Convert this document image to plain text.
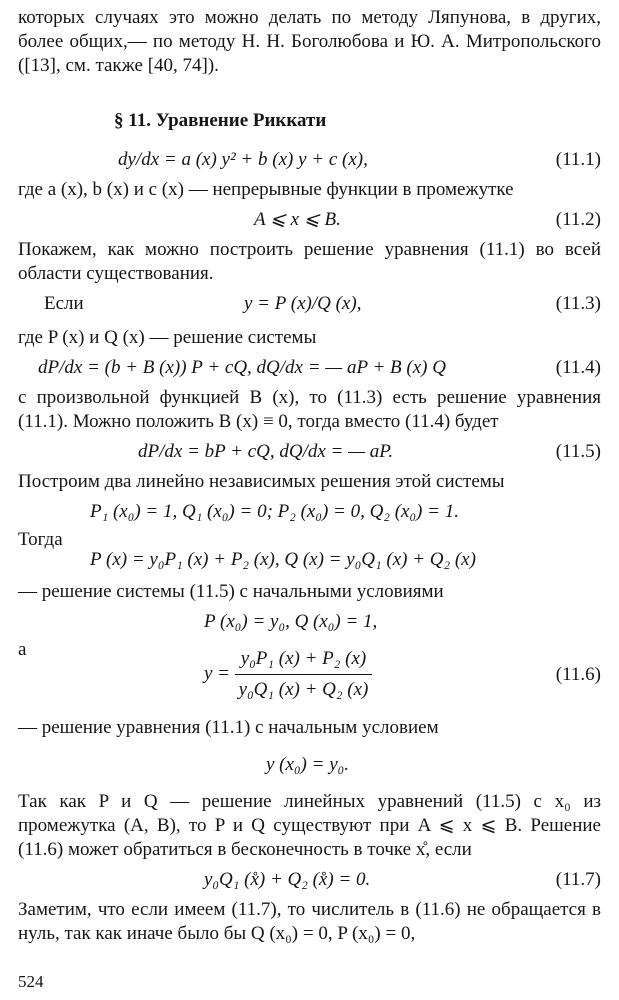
которых случаях это можно делать по методу Ляпунова, в других, более общих,— по методу Н. Н. Боголюбова и Ю. А. Митропольского ([13], см. также [40, 74]).

§ 11. Уравнение Риккати
dy/dx = a (x) y² + b (x) y + c (x),	(11.1)

где a (x), b (x) и c (x) — непрерывные функции в промежутке

A ⩽ x ⩽ B.	(11.2)

Покажем, как можно построить решение уравнения (11.1) во всей области существования.

Если	y = P (x)/Q (x),	(11.3)

где P (x) и Q (x) — решение системы

dP/dx = (b + B (x)) P + cQ, dQ/dx = — aP + B (x) Q	(11.4)

с произвольной функцией B (x), то (11.3) есть решение уравнения (11.1). Можно положить B (x) ≡ 0, тогда вместо (11.4) будет

dP/dx = bP + cQ, dQ/dx = — aP.	(11.5)

Построим два линейно независимых решения этой системы

P₁ (x₀) = 1, Q₁ (x₀) = 0; P₂ (x₀) = 0, Q₂ (x₀) = 1.
Тогда
P (x) = y₀P₁ (x) + P₂ (x), Q (x) = y₀Q₁ (x) + Q₂ (x)

— решение системы (11.5) с начальными условиями

P (x₀) = y₀, Q (x₀) = 1,
а
$y = \frac{\text{y₀P₁ (x) + P₂ (x)}}{\text{y₀Q₁ (x) + Q₂ (x)}}$	(11.6)

— решение уравнения (11.1) с начальным условием

y (x₀) = y₀.

Так как P и Q — решение линейных уравнений (11.5) с x₀ из промежутка (A, B), то P и Q существуют при A ⩽ x ⩽ B. Решение (11.6) может обратиться в бесконечность в точке x̊, если

y₀Q₁ (x̊) + Q₂ (x̊) = 0.	(11.7)

Заметим, что если имеем (11.7), то числитель в (11.6) не обращается в нуль, так как иначе было бы Q (x₀) = 0, P (x₀) = 0,

524
